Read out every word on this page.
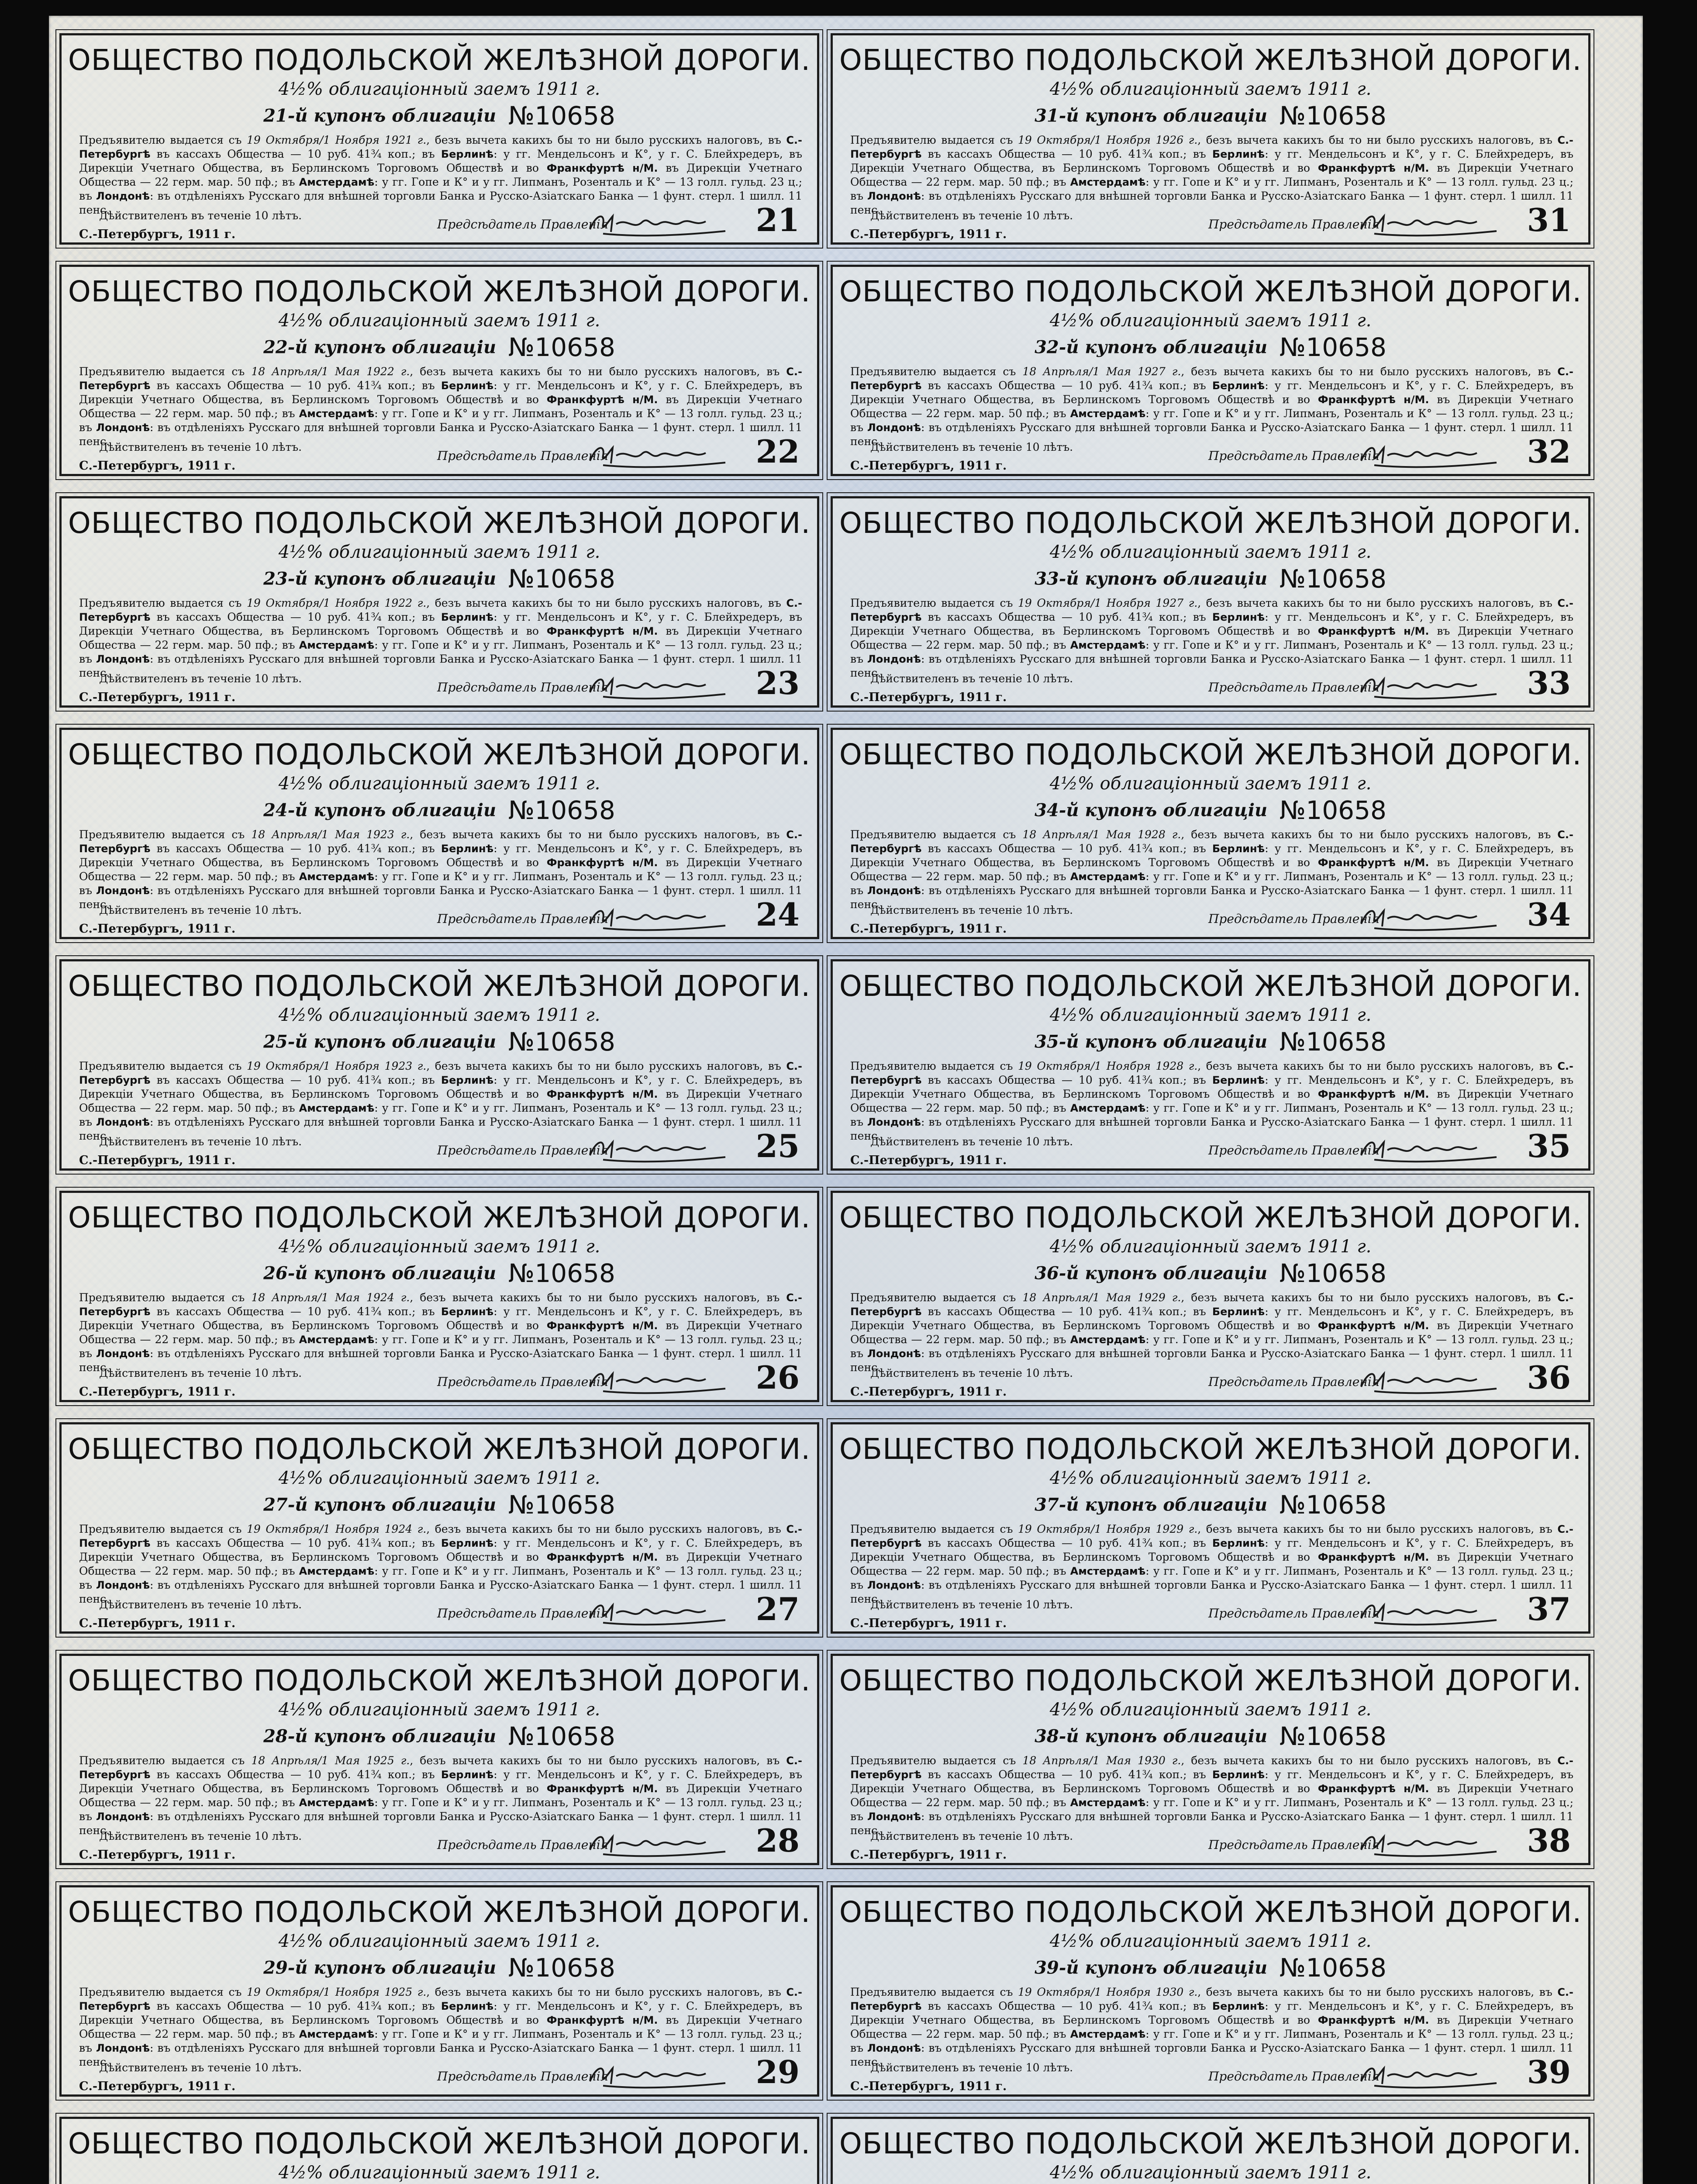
ОБЩЕСТВО ПОДОЛЬСКОЙ ЖЕЛѢЗНОЙ ДОРОГИ.
4½% облигаціонный заемъ 1911 г.
21-й купонъ облигаціи №10658
Предъявителю выдается съ 19 Октября/1 Ноября 1921 г., безъ вычета какихъ бы то ни было русскихъ налоговъ, въ С.-Петербургѣ въ кассахъ Общества — 10 руб. 41¾ коп.; въ Берлинѣ: у гг. Мендельсонъ и К°, у г. С. Блейхредеръ, въ Дирекціи Учетнаго Общества, въ Берлинскомъ Торговомъ Обществѣ и во Франкфуртѣ н/М. въ Дирекціи Учетнаго Общества — 22 герм. мар. 50 пф.; въ Амстердамѣ: у гг. Гопе и К° и у гг. Липманъ, Розенталь и К° — 13 голл. гульд. 23 ц.; въ Лондонѣ: въ отдѣленіяхъ Русскаго для внѣшней торговли Банка и Русско-Азіатскаго Банка — 1 фунт. стерл. 1 шилл. 11 пенс.
Дѣйствителенъ въ теченіе 10 лѣтъ.
С.-Петербургъ, 1911 г.
Предсѣдатель Правленія	21
ОБЩЕСТВО ПОДОЛЬСКОЙ ЖЕЛѢЗНОЙ ДОРОГИ.
4½% облигаціонный заемъ 1911 г.
31-й купонъ облигаціи №10658
Предъявителю выдается съ 19 Октября/1 Ноября 1926 г., безъ вычета какихъ бы то ни было русскихъ налоговъ, въ С.-Петербургѣ въ кассахъ Общества — 10 руб. 41¾ коп.; въ Берлинѣ: у гг. Мендельсонъ и К°, у г. С. Блейхредеръ, въ Дирекціи Учетнаго Общества, въ Берлинскомъ Торговомъ Обществѣ и во Франкфуртѣ н/М. въ Дирекціи Учетнаго Общества — 22 герм. мар. 50 пф.; въ Амстердамѣ: у гг. Гопе и К° и у гг. Липманъ, Розенталь и К° — 13 голл. гульд. 23 ц.; въ Лондонѣ: въ отдѣленіяхъ Русскаго для внѣшней торговли Банка и Русско-Азіатскаго Банка — 1 фунт. стерл. 1 шилл. 11 пенс.
Дѣйствителенъ въ теченіе 10 лѣтъ.
С.-Петербургъ, 1911 г.
Предсѣдатель Правленія	31
ОБЩЕСТВО ПОДОЛЬСКОЙ ЖЕЛѢЗНОЙ ДОРОГИ.
4½% облигаціонный заемъ 1911 г.
22-й купонъ облигаціи №10658
Предъявителю выдается съ 18 Апрѣля/1 Мая 1922 г., безъ вычета какихъ бы то ни было русскихъ налоговъ, въ С.-Петербургѣ въ кассахъ Общества — 10 руб. 41¾ коп.; въ Берлинѣ: у гг. Мендельсонъ и К°, у г. С. Блейхредеръ, въ Дирекціи Учетнаго Общества, въ Берлинскомъ Торговомъ Обществѣ и во Франкфуртѣ н/М. въ Дирекціи Учетнаго Общества — 22 герм. мар. 50 пф.; въ Амстердамѣ: у гг. Гопе и К° и у гг. Липманъ, Розенталь и К° — 13 голл. гульд. 23 ц.; въ Лондонѣ: въ отдѣленіяхъ Русскаго для внѣшней торговли Банка и Русско-Азіатскаго Банка — 1 фунт. стерл. 1 шилл. 11 пенс.
Дѣйствителенъ въ теченіе 10 лѣтъ.
С.-Петербургъ, 1911 г.
Предсѣдатель Правленія	22
ОБЩЕСТВО ПОДОЛЬСКОЙ ЖЕЛѢЗНОЙ ДОРОГИ.
4½% облигаціонный заемъ 1911 г.
32-й купонъ облигаціи №10658
Предъявителю выдается съ 18 Апрѣля/1 Мая 1927 г., безъ вычета какихъ бы то ни было русскихъ налоговъ, въ С.-Петербургѣ въ кассахъ Общества — 10 руб. 41¾ коп.; въ Берлинѣ: у гг. Мендельсонъ и К°, у г. С. Блейхредеръ, въ Дирекціи Учетнаго Общества, въ Берлинскомъ Торговомъ Обществѣ и во Франкфуртѣ н/М. въ Дирекціи Учетнаго Общества — 22 герм. мар. 50 пф.; въ Амстердамѣ: у гг. Гопе и К° и у гг. Липманъ, Розенталь и К° — 13 голл. гульд. 23 ц.; въ Лондонѣ: въ отдѣленіяхъ Русскаго для внѣшней торговли Банка и Русско-Азіатскаго Банка — 1 фунт. стерл. 1 шилл. 11 пенс.
Дѣйствителенъ въ теченіе 10 лѣтъ.
С.-Петербургъ, 1911 г.
Предсѣдатель Правленія	32
ОБЩЕСТВО ПОДОЛЬСКОЙ ЖЕЛѢЗНОЙ ДОРОГИ.
4½% облигаціонный заемъ 1911 г.
23-й купонъ облигаціи №10658
Предъявителю выдается съ 19 Октября/1 Ноября 1922 г., безъ вычета какихъ бы то ни было русскихъ налоговъ, въ С.-Петербургѣ въ кассахъ Общества — 10 руб. 41¾ коп.; въ Берлинѣ: у гг. Мендельсонъ и К°, у г. С. Блейхредеръ, въ Дирекціи Учетнаго Общества, въ Берлинскомъ Торговомъ Обществѣ и во Франкфуртѣ н/М. въ Дирекціи Учетнаго Общества — 22 герм. мар. 50 пф.; въ Амстердамѣ: у гг. Гопе и К° и у гг. Липманъ, Розенталь и К° — 13 голл. гульд. 23 ц.; въ Лондонѣ: въ отдѣленіяхъ Русскаго для внѣшней торговли Банка и Русско-Азіатскаго Банка — 1 фунт. стерл. 1 шилл. 11 пенс.
Дѣйствителенъ въ теченіе 10 лѣтъ.
С.-Петербургъ, 1911 г.
Предсѣдатель Правленія	23
ОБЩЕСТВО ПОДОЛЬСКОЙ ЖЕЛѢЗНОЙ ДОРОГИ.
4½% облигаціонный заемъ 1911 г.
33-й купонъ облигаціи №10658
Предъявителю выдается съ 19 Октября/1 Ноября 1927 г., безъ вычета какихъ бы то ни было русскихъ налоговъ, въ С.-Петербургѣ въ кассахъ Общества — 10 руб. 41¾ коп.; въ Берлинѣ: у гг. Мендельсонъ и К°, у г. С. Блейхредеръ, въ Дирекціи Учетнаго Общества, въ Берлинскомъ Торговомъ Обществѣ и во Франкфуртѣ н/М. въ Дирекціи Учетнаго Общества — 22 герм. мар. 50 пф.; въ Амстердамѣ: у гг. Гопе и К° и у гг. Липманъ, Розенталь и К° — 13 голл. гульд. 23 ц.; въ Лондонѣ: въ отдѣленіяхъ Русскаго для внѣшней торговли Банка и Русско-Азіатскаго Банка — 1 фунт. стерл. 1 шилл. 11 пенс.
Дѣйствителенъ въ теченіе 10 лѣтъ.
С.-Петербургъ, 1911 г.
Предсѣдатель Правленія	33
ОБЩЕСТВО ПОДОЛЬСКОЙ ЖЕЛѢЗНОЙ ДОРОГИ.
4½% облигаціонный заемъ 1911 г.
24-й купонъ облигаціи №10658
Предъявителю выдается съ 18 Апрѣля/1 Мая 1923 г., безъ вычета какихъ бы то ни было русскихъ налоговъ, въ С.-Петербургѣ въ кассахъ Общества — 10 руб. 41¾ коп.; въ Берлинѣ: у гг. Мендельсонъ и К°, у г. С. Блейхредеръ, въ Дирекціи Учетнаго Общества, въ Берлинскомъ Торговомъ Обществѣ и во Франкфуртѣ н/М. въ Дирекціи Учетнаго Общества — 22 герм. мар. 50 пф.; въ Амстердамѣ: у гг. Гопе и К° и у гг. Липманъ, Розенталь и К° — 13 голл. гульд. 23 ц.; въ Лондонѣ: въ отдѣленіяхъ Русскаго для внѣшней торговли Банка и Русско-Азіатскаго Банка — 1 фунт. стерл. 1 шилл. 11 пенс.
Дѣйствителенъ въ теченіе 10 лѣтъ.
С.-Петербургъ, 1911 г.
Предсѣдатель Правленія	24
ОБЩЕСТВО ПОДОЛЬСКОЙ ЖЕЛѢЗНОЙ ДОРОГИ.
4½% облигаціонный заемъ 1911 г.
34-й купонъ облигаціи №10658
Предъявителю выдается съ 18 Апрѣля/1 Мая 1928 г., безъ вычета какихъ бы то ни было русскихъ налоговъ, въ С.-Петербургѣ въ кассахъ Общества — 10 руб. 41¾ коп.; въ Берлинѣ: у гг. Мендельсонъ и К°, у г. С. Блейхредеръ, въ Дирекціи Учетнаго Общества, въ Берлинскомъ Торговомъ Обществѣ и во Франкфуртѣ н/М. въ Дирекціи Учетнаго Общества — 22 герм. мар. 50 пф.; въ Амстердамѣ: у гг. Гопе и К° и у гг. Липманъ, Розенталь и К° — 13 голл. гульд. 23 ц.; въ Лондонѣ: въ отдѣленіяхъ Русскаго для внѣшней торговли Банка и Русско-Азіатскаго Банка — 1 фунт. стерл. 1 шилл. 11 пенс.
Дѣйствителенъ въ теченіе 10 лѣтъ.
С.-Петербургъ, 1911 г.
Предсѣдатель Правленія	34
ОБЩЕСТВО ПОДОЛЬСКОЙ ЖЕЛѢЗНОЙ ДОРОГИ.
4½% облигаціонный заемъ 1911 г.
25-й купонъ облигаціи №10658
Предъявителю выдается съ 19 Октября/1 Ноября 1923 г., безъ вычета какихъ бы то ни было русскихъ налоговъ, въ С.-Петербургѣ въ кассахъ Общества — 10 руб. 41¾ коп.; въ Берлинѣ: у гг. Мендельсонъ и К°, у г. С. Блейхредеръ, въ Дирекціи Учетнаго Общества, въ Берлинскомъ Торговомъ Обществѣ и во Франкфуртѣ н/М. въ Дирекціи Учетнаго Общества — 22 герм. мар. 50 пф.; въ Амстердамѣ: у гг. Гопе и К° и у гг. Липманъ, Розенталь и К° — 13 голл. гульд. 23 ц.; въ Лондонѣ: въ отдѣленіяхъ Русскаго для внѣшней торговли Банка и Русско-Азіатскаго Банка — 1 фунт. стерл. 1 шилл. 11 пенс.
Дѣйствителенъ въ теченіе 10 лѣтъ.
С.-Петербургъ, 1911 г.
Предсѣдатель Правленія	25
ОБЩЕСТВО ПОДОЛЬСКОЙ ЖЕЛѢЗНОЙ ДОРОГИ.
4½% облигаціонный заемъ 1911 г.
35-й купонъ облигаціи №10658
Предъявителю выдается съ 19 Октября/1 Ноября 1928 г., безъ вычета какихъ бы то ни было русскихъ налоговъ, въ С.-Петербургѣ въ кассахъ Общества — 10 руб. 41¾ коп.; въ Берлинѣ: у гг. Мендельсонъ и К°, у г. С. Блейхредеръ, въ Дирекціи Учетнаго Общества, въ Берлинскомъ Торговомъ Обществѣ и во Франкфуртѣ н/М. въ Дирекціи Учетнаго Общества — 22 герм. мар. 50 пф.; въ Амстердамѣ: у гг. Гопе и К° и у гг. Липманъ, Розенталь и К° — 13 голл. гульд. 23 ц.; въ Лондонѣ: въ отдѣленіяхъ Русскаго для внѣшней торговли Банка и Русско-Азіатскаго Банка — 1 фунт. стерл. 1 шилл. 11 пенс.
Дѣйствителенъ въ теченіе 10 лѣтъ.
С.-Петербургъ, 1911 г.
Предсѣдатель Правленія	35
ОБЩЕСТВО ПОДОЛЬСКОЙ ЖЕЛѢЗНОЙ ДОРОГИ.
4½% облигаціонный заемъ 1911 г.
26-й купонъ облигаціи №10658
Предъявителю выдается съ 18 Апрѣля/1 Мая 1924 г., безъ вычета какихъ бы то ни было русскихъ налоговъ, въ С.-Петербургѣ въ кассахъ Общества — 10 руб. 41¾ коп.; въ Берлинѣ: у гг. Мендельсонъ и К°, у г. С. Блейхредеръ, въ Дирекціи Учетнаго Общества, въ Берлинскомъ Торговомъ Обществѣ и во Франкфуртѣ н/М. въ Дирекціи Учетнаго Общества — 22 герм. мар. 50 пф.; въ Амстердамѣ: у гг. Гопе и К° и у гг. Липманъ, Розенталь и К° — 13 голл. гульд. 23 ц.; въ Лондонѣ: въ отдѣленіяхъ Русскаго для внѣшней торговли Банка и Русско-Азіатскаго Банка — 1 фунт. стерл. 1 шилл. 11 пенс.
Дѣйствителенъ въ теченіе 10 лѣтъ.
С.-Петербургъ, 1911 г.
Предсѣдатель Правленія	26
ОБЩЕСТВО ПОДОЛЬСКОЙ ЖЕЛѢЗНОЙ ДОРОГИ.
4½% облигаціонный заемъ 1911 г.
36-й купонъ облигаціи №10658
Предъявителю выдается съ 18 Апрѣля/1 Мая 1929 г., безъ вычета какихъ бы то ни было русскихъ налоговъ, въ С.-Петербургѣ въ кассахъ Общества — 10 руб. 41¾ коп.; въ Берлинѣ: у гг. Мендельсонъ и К°, у г. С. Блейхредеръ, въ Дирекціи Учетнаго Общества, въ Берлинскомъ Торговомъ Обществѣ и во Франкфуртѣ н/М. въ Дирекціи Учетнаго Общества — 22 герм. мар. 50 пф.; въ Амстердамѣ: у гг. Гопе и К° и у гг. Липманъ, Розенталь и К° — 13 голл. гульд. 23 ц.; въ Лондонѣ: въ отдѣленіяхъ Русскаго для внѣшней торговли Банка и Русско-Азіатскаго Банка — 1 фунт. стерл. 1 шилл. 11 пенс.
Дѣйствителенъ въ теченіе 10 лѣтъ.
С.-Петербургъ, 1911 г.
Предсѣдатель Правленія	36
ОБЩЕСТВО ПОДОЛЬСКОЙ ЖЕЛѢЗНОЙ ДОРОГИ.
4½% облигаціонный заемъ 1911 г.
27-й купонъ облигаціи №10658
Предъявителю выдается съ 19 Октября/1 Ноября 1924 г., безъ вычета какихъ бы то ни было русскихъ налоговъ, въ С.-Петербургѣ въ кассахъ Общества — 10 руб. 41¾ коп.; въ Берлинѣ: у гг. Мендельсонъ и К°, у г. С. Блейхредеръ, въ Дирекціи Учетнаго Общества, въ Берлинскомъ Торговомъ Обществѣ и во Франкфуртѣ н/М. въ Дирекціи Учетнаго Общества — 22 герм. мар. 50 пф.; въ Амстердамѣ: у гг. Гопе и К° и у гг. Липманъ, Розенталь и К° — 13 голл. гульд. 23 ц.; въ Лондонѣ: въ отдѣленіяхъ Русскаго для внѣшней торговли Банка и Русско-Азіатскаго Банка — 1 фунт. стерл. 1 шилл. 11 пенс.
Дѣйствителенъ въ теченіе 10 лѣтъ.
С.-Петербургъ, 1911 г.
Предсѣдатель Правленія	27
ОБЩЕСТВО ПОДОЛЬСКОЙ ЖЕЛѢЗНОЙ ДОРОГИ.
4½% облигаціонный заемъ 1911 г.
37-й купонъ облигаціи №10658
Предъявителю выдается съ 19 Октября/1 Ноября 1929 г., безъ вычета какихъ бы то ни было русскихъ налоговъ, въ С.-Петербургѣ въ кассахъ Общества — 10 руб. 41¾ коп.; въ Берлинѣ: у гг. Мендельсонъ и К°, у г. С. Блейхредеръ, въ Дирекціи Учетнаго Общества, въ Берлинскомъ Торговомъ Обществѣ и во Франкфуртѣ н/М. въ Дирекціи Учетнаго Общества — 22 герм. мар. 50 пф.; въ Амстердамѣ: у гг. Гопе и К° и у гг. Липманъ, Розенталь и К° — 13 голл. гульд. 23 ц.; въ Лондонѣ: въ отдѣленіяхъ Русскаго для внѣшней торговли Банка и Русско-Азіатскаго Банка — 1 фунт. стерл. 1 шилл. 11 пенс.
Дѣйствителенъ въ теченіе 10 лѣтъ.
С.-Петербургъ, 1911 г.
Предсѣдатель Правленія	37
ОБЩЕСТВО ПОДОЛЬСКОЙ ЖЕЛѢЗНОЙ ДОРОГИ.
4½% облигаціонный заемъ 1911 г.
28-й купонъ облигаціи №10658
Предъявителю выдается съ 18 Апрѣля/1 Мая 1925 г., безъ вычета какихъ бы то ни было русскихъ налоговъ, въ С.-Петербургѣ въ кассахъ Общества — 10 руб. 41¾ коп.; въ Берлинѣ: у гг. Мендельсонъ и К°, у г. С. Блейхредеръ, въ Дирекціи Учетнаго Общества, въ Берлинскомъ Торговомъ Обществѣ и во Франкфуртѣ н/М. въ Дирекціи Учетнаго Общества — 22 герм. мар. 50 пф.; въ Амстердамѣ: у гг. Гопе и К° и у гг. Липманъ, Розенталь и К° — 13 голл. гульд. 23 ц.; въ Лондонѣ: въ отдѣленіяхъ Русскаго для внѣшней торговли Банка и Русско-Азіатскаго Банка — 1 фунт. стерл. 1 шилл. 11 пенс.
Дѣйствителенъ въ теченіе 10 лѣтъ.
С.-Петербургъ, 1911 г.
Предсѣдатель Правленія	28
ОБЩЕСТВО ПОДОЛЬСКОЙ ЖЕЛѢЗНОЙ ДОРОГИ.
4½% облигаціонный заемъ 1911 г.
38-й купонъ облигаціи №10658
Предъявителю выдается съ 18 Апрѣля/1 Мая 1930 г., безъ вычета какихъ бы то ни было русскихъ налоговъ, въ С.-Петербургѣ въ кассахъ Общества — 10 руб. 41¾ коп.; въ Берлинѣ: у гг. Мендельсонъ и К°, у г. С. Блейхредеръ, въ Дирекціи Учетнаго Общества, въ Берлинскомъ Торговомъ Обществѣ и во Франкфуртѣ н/М. въ Дирекціи Учетнаго Общества — 22 герм. мар. 50 пф.; въ Амстердамѣ: у гг. Гопе и К° и у гг. Липманъ, Розенталь и К° — 13 голл. гульд. 23 ц.; въ Лондонѣ: въ отдѣленіяхъ Русскаго для внѣшней торговли Банка и Русско-Азіатскаго Банка — 1 фунт. стерл. 1 шилл. 11 пенс.
Дѣйствителенъ въ теченіе 10 лѣтъ.
С.-Петербургъ, 1911 г.
Предсѣдатель Правленія	38
ОБЩЕСТВО ПОДОЛЬСКОЙ ЖЕЛѢЗНОЙ ДОРОГИ.
4½% облигаціонный заемъ 1911 г.
29-й купонъ облигаціи №10658
Предъявителю выдается съ 19 Октября/1 Ноября 1925 г., безъ вычета какихъ бы то ни было русскихъ налоговъ, въ С.-Петербургѣ въ кассахъ Общества — 10 руб. 41¾ коп.; въ Берлинѣ: у гг. Мендельсонъ и К°, у г. С. Блейхредеръ, въ Дирекціи Учетнаго Общества, въ Берлинскомъ Торговомъ Обществѣ и во Франкфуртѣ н/М. въ Дирекціи Учетнаго Общества — 22 герм. мар. 50 пф.; въ Амстердамѣ: у гг. Гопе и К° и у гг. Липманъ, Розенталь и К° — 13 голл. гульд. 23 ц.; въ Лондонѣ: въ отдѣленіяхъ Русскаго для внѣшней торговли Банка и Русско-Азіатскаго Банка — 1 фунт. стерл. 1 шилл. 11 пенс.
Дѣйствителенъ въ теченіе 10 лѣтъ.
С.-Петербургъ, 1911 г.
Предсѣдатель Правленія	29
ОБЩЕСТВО ПОДОЛЬСКОЙ ЖЕЛѢЗНОЙ ДОРОГИ.
4½% облигаціонный заемъ 1911 г.
39-й купонъ облигаціи №10658
Предъявителю выдается съ 19 Октября/1 Ноября 1930 г., безъ вычета какихъ бы то ни было русскихъ налоговъ, въ С.-Петербургѣ въ кассахъ Общества — 10 руб. 41¾ коп.; въ Берлинѣ: у гг. Мендельсонъ и К°, у г. С. Блейхредеръ, въ Дирекціи Учетнаго Общества, въ Берлинскомъ Торговомъ Обществѣ и во Франкфуртѣ н/М. въ Дирекціи Учетнаго Общества — 22 герм. мар. 50 пф.; въ Амстердамѣ: у гг. Гопе и К° и у гг. Липманъ, Розенталь и К° — 13 голл. гульд. 23 ц.; въ Лондонѣ: въ отдѣленіяхъ Русскаго для внѣшней торговли Банка и Русско-Азіатскаго Банка — 1 фунт. стерл. 1 шилл. 11 пенс.
Дѣйствителенъ въ теченіе 10 лѣтъ.
С.-Петербургъ, 1911 г.
Предсѣдатель Правленія	39
ОБЩЕСТВО ПОДОЛЬСКОЙ ЖЕЛѢЗНОЙ ДОРОГИ.
4½% облигаціонный заемъ 1911 г.
ОБЩЕСТВО ПОДОЛЬСКОЙ ЖЕЛѢЗНОЙ ДОРОГИ.
4½% облигаціонный заемъ 1911 г.
